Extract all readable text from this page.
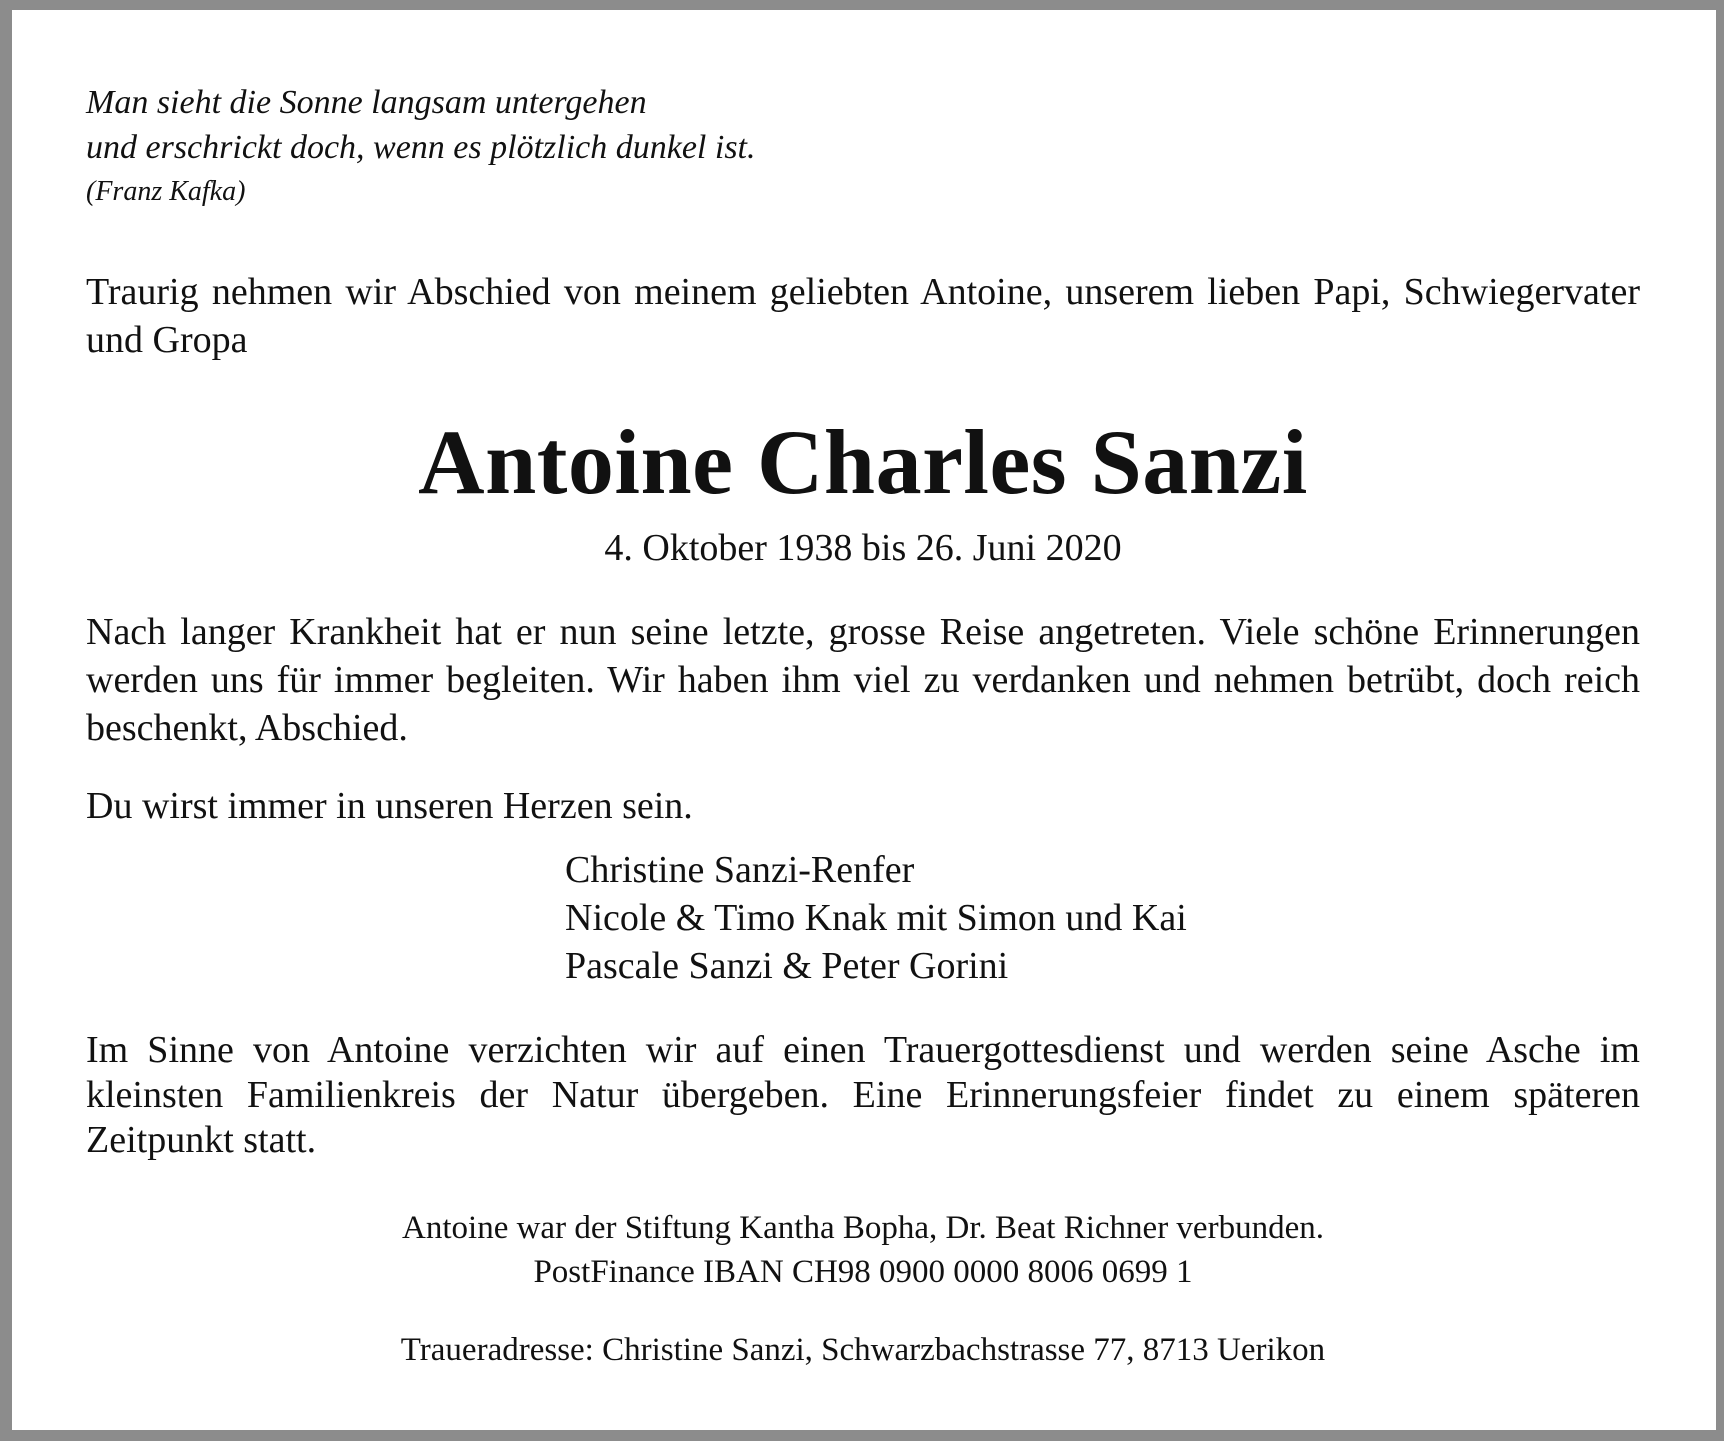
Man sieht die Sonne langsam untergehen
und erschrickt doch, wenn es plötzlich dunkel ist.
(Franz Kafka)
Traurig nehmen wir Abschied von meinem geliebten Antoine, unserem lieben Papi, Schwiegervater und Gropa
Antoine Charles Sanzi
4. Oktober 1938 bis 26. Juni 2020
Nach langer Krankheit hat er nun seine letzte, grosse Reise angetreten. Viele schöne Erinnerungen werden uns für immer begleiten. Wir haben ihm viel zu verdanken und nehmen betrübt, doch reich beschenkt, Abschied.
Du wirst immer in unseren Herzen sein.
Christine Sanzi-Renfer
Nicole & Timo Knak mit Simon und Kai
Pascale Sanzi & Peter Gorini
Im Sinne von Antoine verzichten wir auf einen Trauergottesdienst und werden seine Asche im kleinsten Familienkreis der Natur übergeben. Eine Erinnerungsfeier findet zu einem späteren Zeitpunkt statt.
Antoine war der Stiftung Kantha Bopha, Dr. Beat Richner verbunden.
PostFinance IBAN CH98 0900 0000 8006 0699 1
Traueradresse: Christine Sanzi, Schwarzbachstrasse 77, 8713 Uerikon
